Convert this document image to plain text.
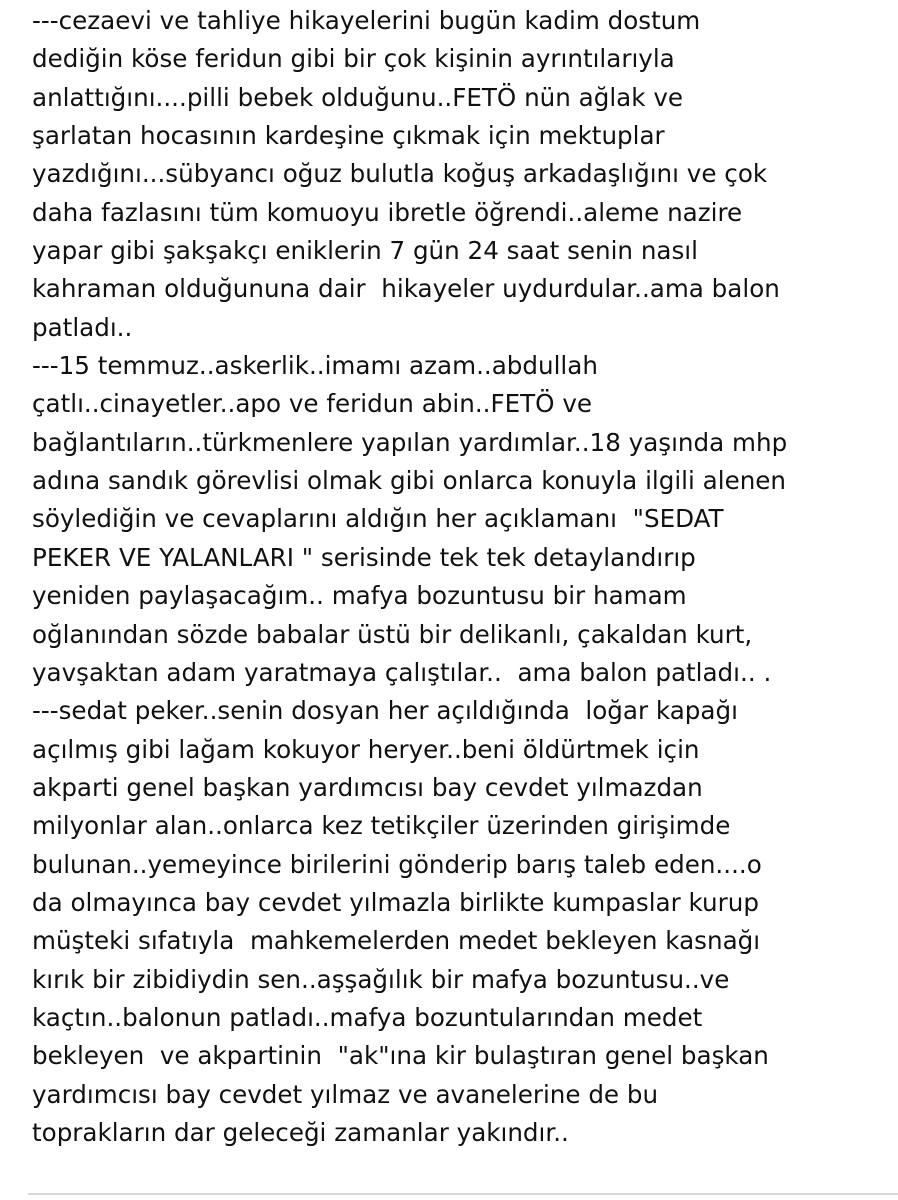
---cezaevi ve tahliye hikayelerini bugün kadim dostum
dediğin köse feridun gibi bir çok kişinin ayrıntılarıyla
anlattığını....pilli bebek olduğunu..FETÖ nün ağlak ve
şarlatan hocasının kardeşine çıkmak için mektuplar
yazdığını...sübyancı oğuz bulutla koğuş arkadaşlığını ve çok
daha fazlasını tüm komuoyu ibretle öğrendi..aleme nazire
yapar gibi şakşakçı eniklerin 7 gün 24 saat senin nasıl
kahraman olduğununa dair  hikayeler uydurdular..ama balon
patladı..
---15 temmuz..askerlik..imamı azam..abdullah
çatlı..cinayetler..apo ve feridun abin..FETÖ ve
bağlantıların..türkmenlere yapılan yardımlar..18 yaşında mhp
adına sandık görevlisi olmak gibi onlarca konuyla ilgili alenen
söylediğin ve cevaplarını aldığın her açıklamanı  "SEDAT
PEKER VE YALANLARI " serisinde tek tek detaylandırıp
yeniden paylaşacağım.. mafya bozuntusu bir hamam
oğlanından sözde babalar üstü bir delikanlı, çakaldan kurt,
yavşaktan adam yaratmaya çalıştılar..  ama balon patladı.. .
---sedat peker..senin dosyan her açıldığında  loğar kapağı
açılmış gibi lağam kokuyor heryer..beni öldürtmek için
akparti genel başkan yardımcısı bay cevdet yılmazdan
milyonlar alan..onlarca kez tetikçiler üzerinden girişimde
bulunan..yemeyince birilerini gönderip barış taleb eden....o
da olmayınca bay cevdet yılmazla birlikte kumpaslar kurup
müşteki sıfatıyla  mahkemelerden medet bekleyen kasnağı
kırık bir zibidiydin sen..aşşağılık bir mafya bozuntusu..ve
kaçtın..balonun patladı..mafya bozuntularından medet
bekleyen  ve akpartinin  "ak"ına kir bulaştıran genel başkan
yardımcısı bay cevdet yılmaz ve avanelerine de bu
toprakların dar geleceği zamanlar yakındır..
